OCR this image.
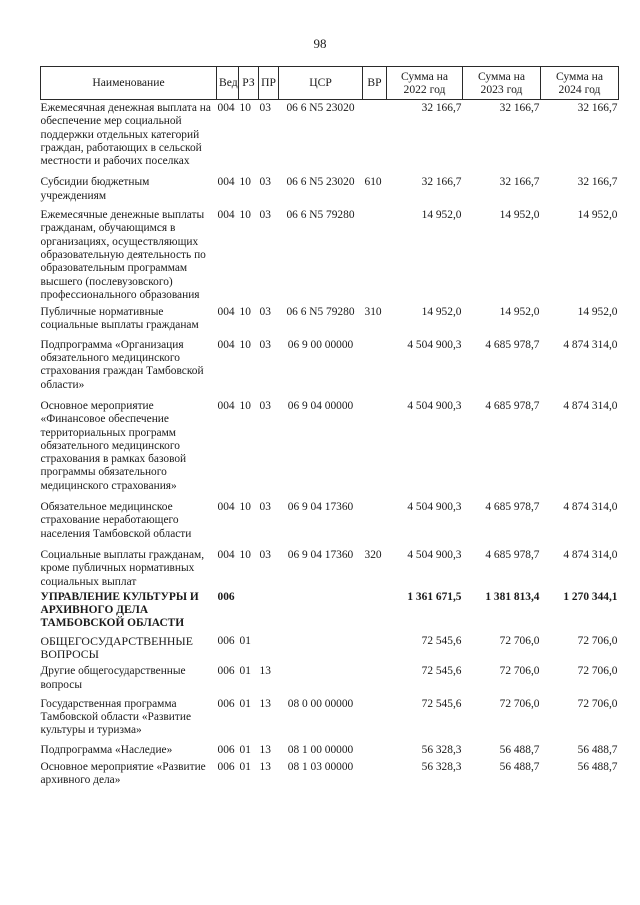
98
Наименование	Вед	РЗ	ПР	ЦСР	ВР	Сумма на 2022 год	Сумма на 2023 год	Сумма на 2024 год
Ежемесячная денежная выплата на обеспечение мер социальной поддержки отдельных категорий граждан, работающих в сельской местности и рабочих поселках	004	10	03	06 6 N5 23020		32 166,7	32 166,7	32 166,7

Субсидии бюджетным учреждениям	004	10	03	06 6 N5 23020	610	32 166,7	32 166,7	32 166,7

Ежемесячные денежные выплаты гражданам, обучающимся в организациях, осуществляющих образовательную деятельность по образовательным программам высшего (послевузовского) профессионального образования	004	10	03	06 6 N5 79280		14 952,0	14 952,0	14 952,0

Публичные нормативные социальные выплаты гражданам	004	10	03	06 6 N5 79280	310	14 952,0	14 952,0	14 952,0

Подпрограмма «Организация обязательного медицинского страхования граждан Тамбовской области»	004	10	03	06 9 00 00000		4 504 900,3	4 685 978,7	4 874 314,0

Основное мероприятие «Финансовое обеспечение территориальных программ обязательного медицинского страхования в рамках базовой программы обязательного медицинского страхования»	004	10	03	06 9 04 00000		4 504 900,3	4 685 978,7	4 874 314,0

Обязательное медицинское страхование неработающего населения Тамбовской области	004	10	03	06 9 04 17360		4 504 900,3	4 685 978,7	4 874 314,0

Социальные выплаты гражданам, кроме публичных нормативных социальных выплат	004	10	03	06 9 04 17360	320	4 504 900,3	4 685 978,7	4 874 314,0

УПРАВЛЕНИЕ КУЛЬТУРЫ И АРХИВНОГО ДЕЛА ТАМБОВСКОЙ ОБЛАСТИ	006					1 361 671,5	1 381 813,4	1 270 344,1

ОБЩЕГОСУДАРСТВЕННЫЕ ВОПРОСЫ	006	01				72 545,6	72 706,0	72 706,0

Другие общегосударственные вопросы	006	01	13			72 545,6	72 706,0	72 706,0

Государственная программа Тамбовской области «Развитие культуры и туризма»	006	01	13	08 0 00 00000		72 545,6	72 706,0	72 706,0

Подпрограмма «Наследие»	006	01	13	08 1 00 00000		56 328,3	56 488,7	56 488,7

Основное мероприятие «Развитие архивного дела»	006	01	13	08 1 03 00000		56 328,3	56 488,7	56 488,7
